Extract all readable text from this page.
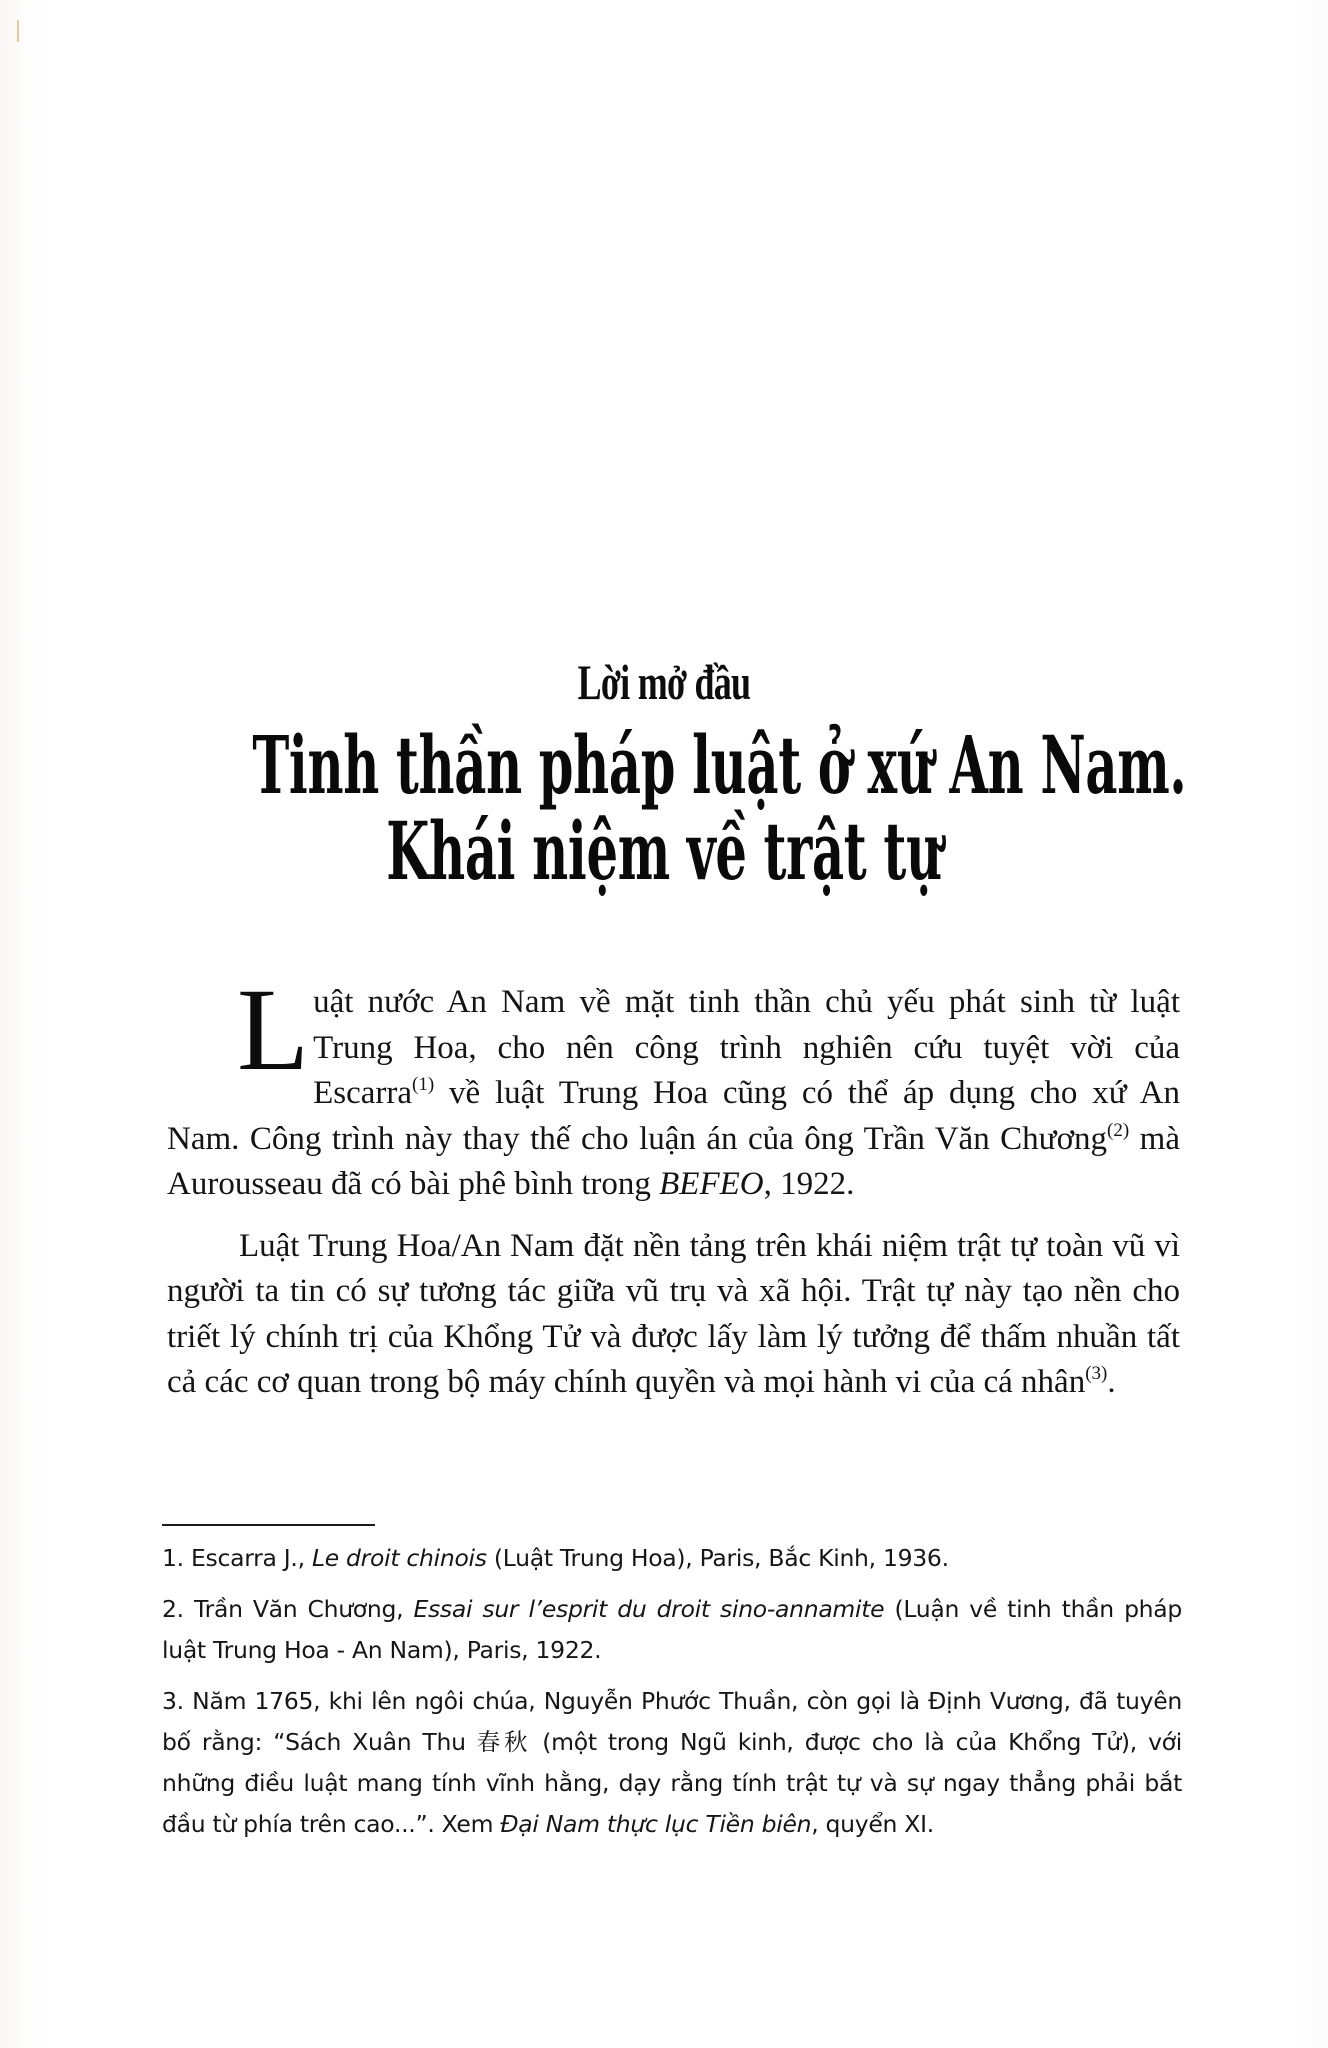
Lời mở đầu
Tinh thần pháp luật ở xứ An Nam.
Khái niệm về trật tự

Luật nước An Nam về mặt tinh thần chủ yếu phát sinh từ luật Trung Hoa, cho nên công trình nghiên cứu tuyệt vời của Escarra$^{(1)}$ về luật Trung Hoa cũng có thể áp dụng cho xứ An Nam. Công trình này thay thế cho luận án của ông Trần Văn Chương$^{(2)}$ mà Aurousseau đã có bài phê bình trong BEFEO, 1922.

Luật Trung Hoa/An Nam đặt nền tảng trên khái niệm trật tự toàn vũ vì người ta tin có sự tương tác giữa vũ trụ và xã hội. Trật tự này tạo nền cho triết lý chính trị của Khổng Tử và được lấy làm lý tưởng để thấm nhuần tất cả các cơ quan trong bộ máy chính quyền và mọi hành vi của cá nhân$^{(3)}$.

1. Escarra J., Le droit chinois (Luật Trung Hoa), Paris, Bắc Kinh, 1936.

2. Trần Văn Chương, Essai sur l’esprit du droit sino-annamite (Luận về tinh thần pháp luật Trung Hoa - An Nam), Paris, 1922.

3. Năm 1765, khi lên ngôi chúa, Nguyễn Phước Thuần, còn gọi là Định Vương, đã tuyên bố rằng: “Sách Xuân Thu 春秋 (một trong Ngũ kinh, được cho là của Khổng Tử), với những điều luật mang tính vĩnh hằng, dạy rằng tính trật tự và sự ngay thẳng phải bắt đầu từ phía trên cao...”. Xem Đại Nam thực lục Tiền biên, quyển XI.
